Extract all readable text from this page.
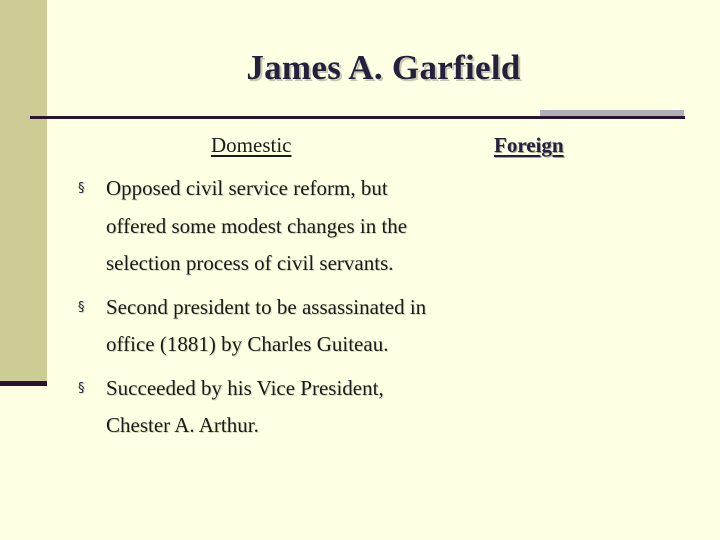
James A. Garfield
Domestic	Foreign
§ Opposed civil service reform, but offered some modest changes in the selection process of civil servants.
§ Second president to be assassinated in office (1881) by Charles Guiteau.
§ Succeeded by his Vice President, Chester A. Arthur.
